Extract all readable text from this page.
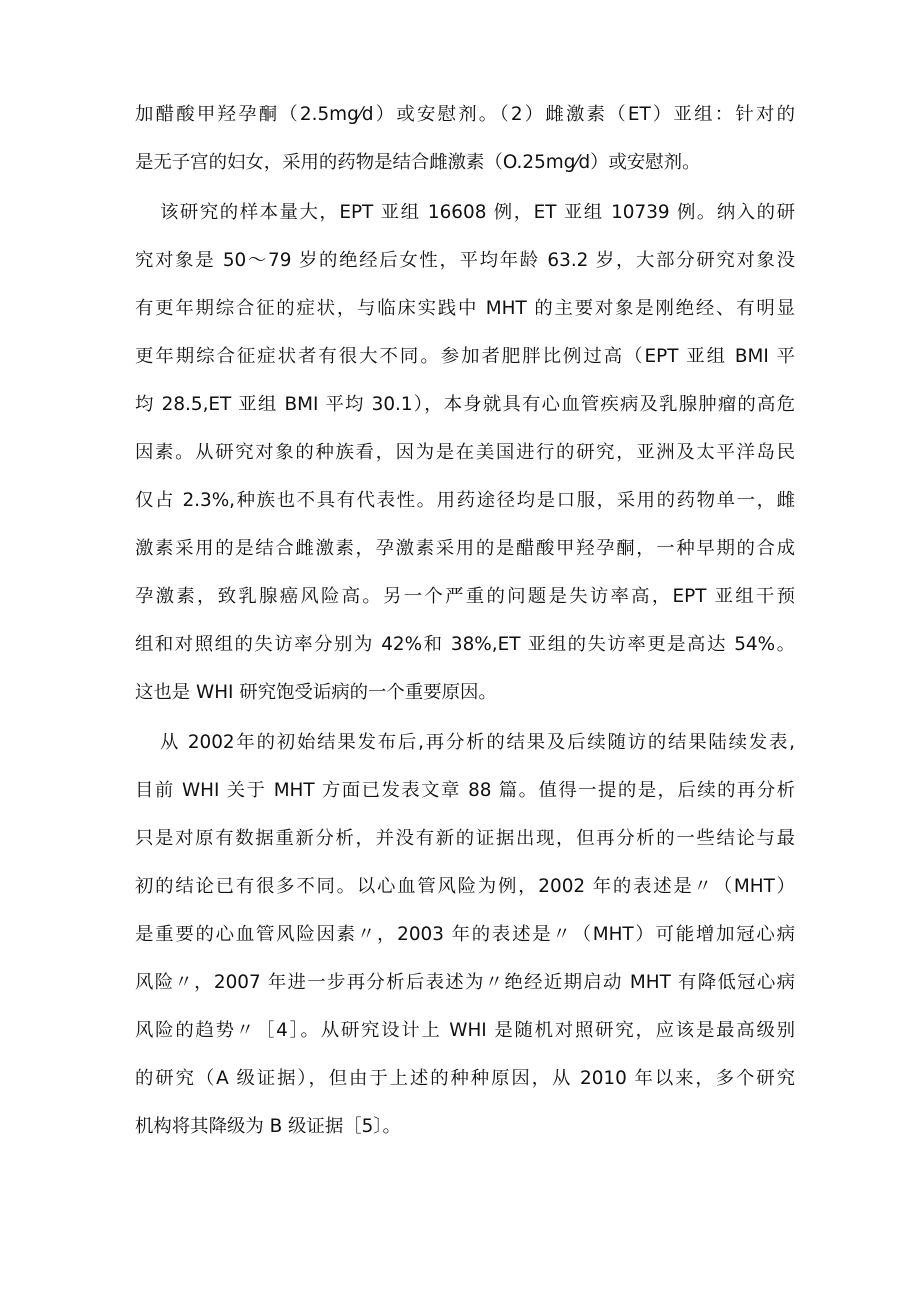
加醋酸甲羟孕酮（2.5mg⁄d）或安慰剂。（2）雌激素（ET）亚组：针对的
是无子宫的妇女，采用的药物是结合雌激素（O.25mg⁄d）或安慰剂。
该研究的样本量大，EPT 亚组 16608 例，ET 亚组 10739 例。纳入的研
究对象是 50～79 岁的绝经后女性，平均年龄 63.2 岁，大部分研究对象没
有更年期综合征的症状，与临床实践中 MHT 的主要对象是刚绝经、有明显
更年期综合征症状者有很大不同。参加者肥胖比例过高（EPT 亚组 BMI 平
均 28.5,ET 亚组 BMI 平均 30.1），本身就具有心血管疾病及乳腺肿瘤的高危
因素。从研究对象的种族看，因为是在美国进行的研究，亚洲及太平洋岛民
仅占 2.3%,种族也不具有代表性。用药途径均是口服，采用的药物单一，雌
激素采用的是结合雌激素，孕激素采用的是醋酸甲羟孕酮，一种早期的合成
孕激素，致乳腺癌风险高。另一个严重的问题是失访率高，EPT 亚组干预
组和对照组的失访率分别为 42%和 38%,ET 亚组的失访率更是高达 54%。
这也是 WHI 研究饱受诟病的一个重要原因。
从 2002年的初始结果发布后,再分析的结果及后续随访的结果陆续发表,
目前 WHI 关于 MHT 方面已发表文章 88 篇。值得一提的是，后续的再分析
只是对原有数据重新分析，并没有新的证据出现，但再分析的一些结论与最
初的结论已有很多不同。以心血管风险为例，2002 年的表述是〃（MHT）
是重要的心血管风险因素〃，2003 年的表述是〃（MHT）可能增加冠心病
风险〃，2007 年进一步再分析后表述为〃绝经近期启动 MHT 有降低冠心病
风险的趋势〃［4］。从研究设计上 WHI 是随机对照研究，应该是最高级别
的研究（A 级证据），但由于上述的种种原因，从 2010 年以来，多个研究
机构将其降级为 B 级证据［5〕。
